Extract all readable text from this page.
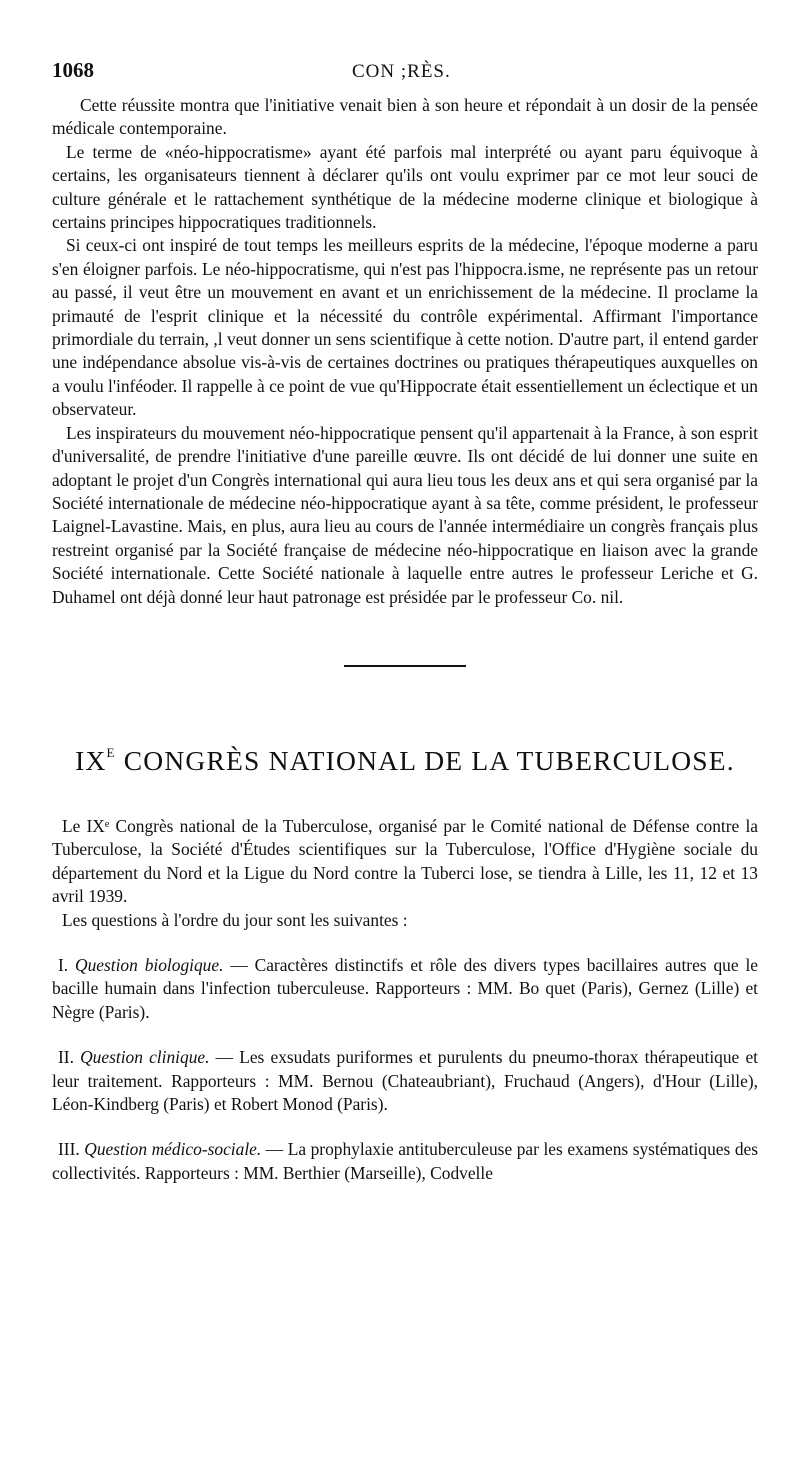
1068	CON ;RÈS.

Cette réussite montra que l'initiative venait bien à son heure et répondait à un dosir de la pensée médicale contemporaine.

Le terme de «néo-hippocratisme» ayant été parfois mal interprété ou ayant paru équivoque à certains, les organisateurs tiennent à déclarer qu'ils ont voulu exprimer par ce mot leur souci de culture générale et le rattachement synthétique de la médecine moderne clinique et biologique à certains principes hippocratiques traditionnels.

Si ceux-ci ont inspiré de tout temps les meilleurs esprits de la médecine, l'époque moderne a paru s'en éloigner parfois. Le néo-hippocratisme, qui n'est pas l'hippocra.isme, ne représente pas un retour au passé, il veut être un mouvement en avant et un enrichissement de la médecine. Il proclame la primauté de l'esprit clinique et la nécessité du contrôle expérimental. Affirmant l'importance primordiale du terrain, ,l veut donner un sens scientifique à cette notion. D'autre part, il entend garder une indépendance absolue vis-à-vis de certaines doctrines ou pratiques thérapeutiques auxquelles on a voulu l'inféoder. Il rappelle à ce point de vue qu'Hippocrate était essentiellement un éclectique et un observateur.

Les inspirateurs du mouvement néo-hippocratique pensent qu'il appartenait à la France, à son esprit d'universalité, de prendre l'initiative d'une pareille œuvre. Ils ont décidé de lui donner une suite en adoptant le projet d'un Congrès international qui aura lieu tous les deux ans et qui sera organisé par la Société internationale de médecine néo-hippocratique ayant à sa tête, comme président, le professeur Laignel-Lavastine. Mais, en plus, aura lieu au cours de l'année intermédiaire un congrès français plus restreint organisé par la Société française de médecine néo-hippocratique en liaison avec la grande Société internationale. Cette Société nationale à laquelle entre autres le professeur Leriche et G. Duhamel ont déjà donné leur haut patronage est présidée par le professeur Co. nil.

$IX^E$ CONGRÈS NATIONAL DE LA TUBERCULOSE.

Le IXᵉ Congrès national de la Tuberculose, organisé par le Comité national de Défense contre la Tuberculose, la Société d'Études scientifiques sur la Tuberculose, l'Office d'Hygiène sociale du département du Nord et la Ligue du Nord contre la Tuberci lose, se tiendra à Lille, les 11, 12 et 13 avril 1939.

Les questions à l'ordre du jour sont les suivantes :

I. Question biologique. — Caractères distinctifs et rôle des divers types bacillaires autres que le bacille humain dans l'infection tuberculeuse. Rapporteurs : MM. Bo quet (Paris), Gernez (Lille) et Nègre (Paris).

II. Question clinique. — Les exsudats puriformes et purulents du pneumo-thorax thérapeutique et leur traitement. Rapporteurs : MM. Bernou (Chateaubriant), Fruchaud (Angers), d'Hour (Lille), Léon-Kindberg (Paris) et Robert Monod (Paris).

III. Question médico-sociale. — La prophylaxie antituberculeuse par les examens systématiques des collectivités. Rapporteurs : MM. Berthier (Marseille), Codvelle
